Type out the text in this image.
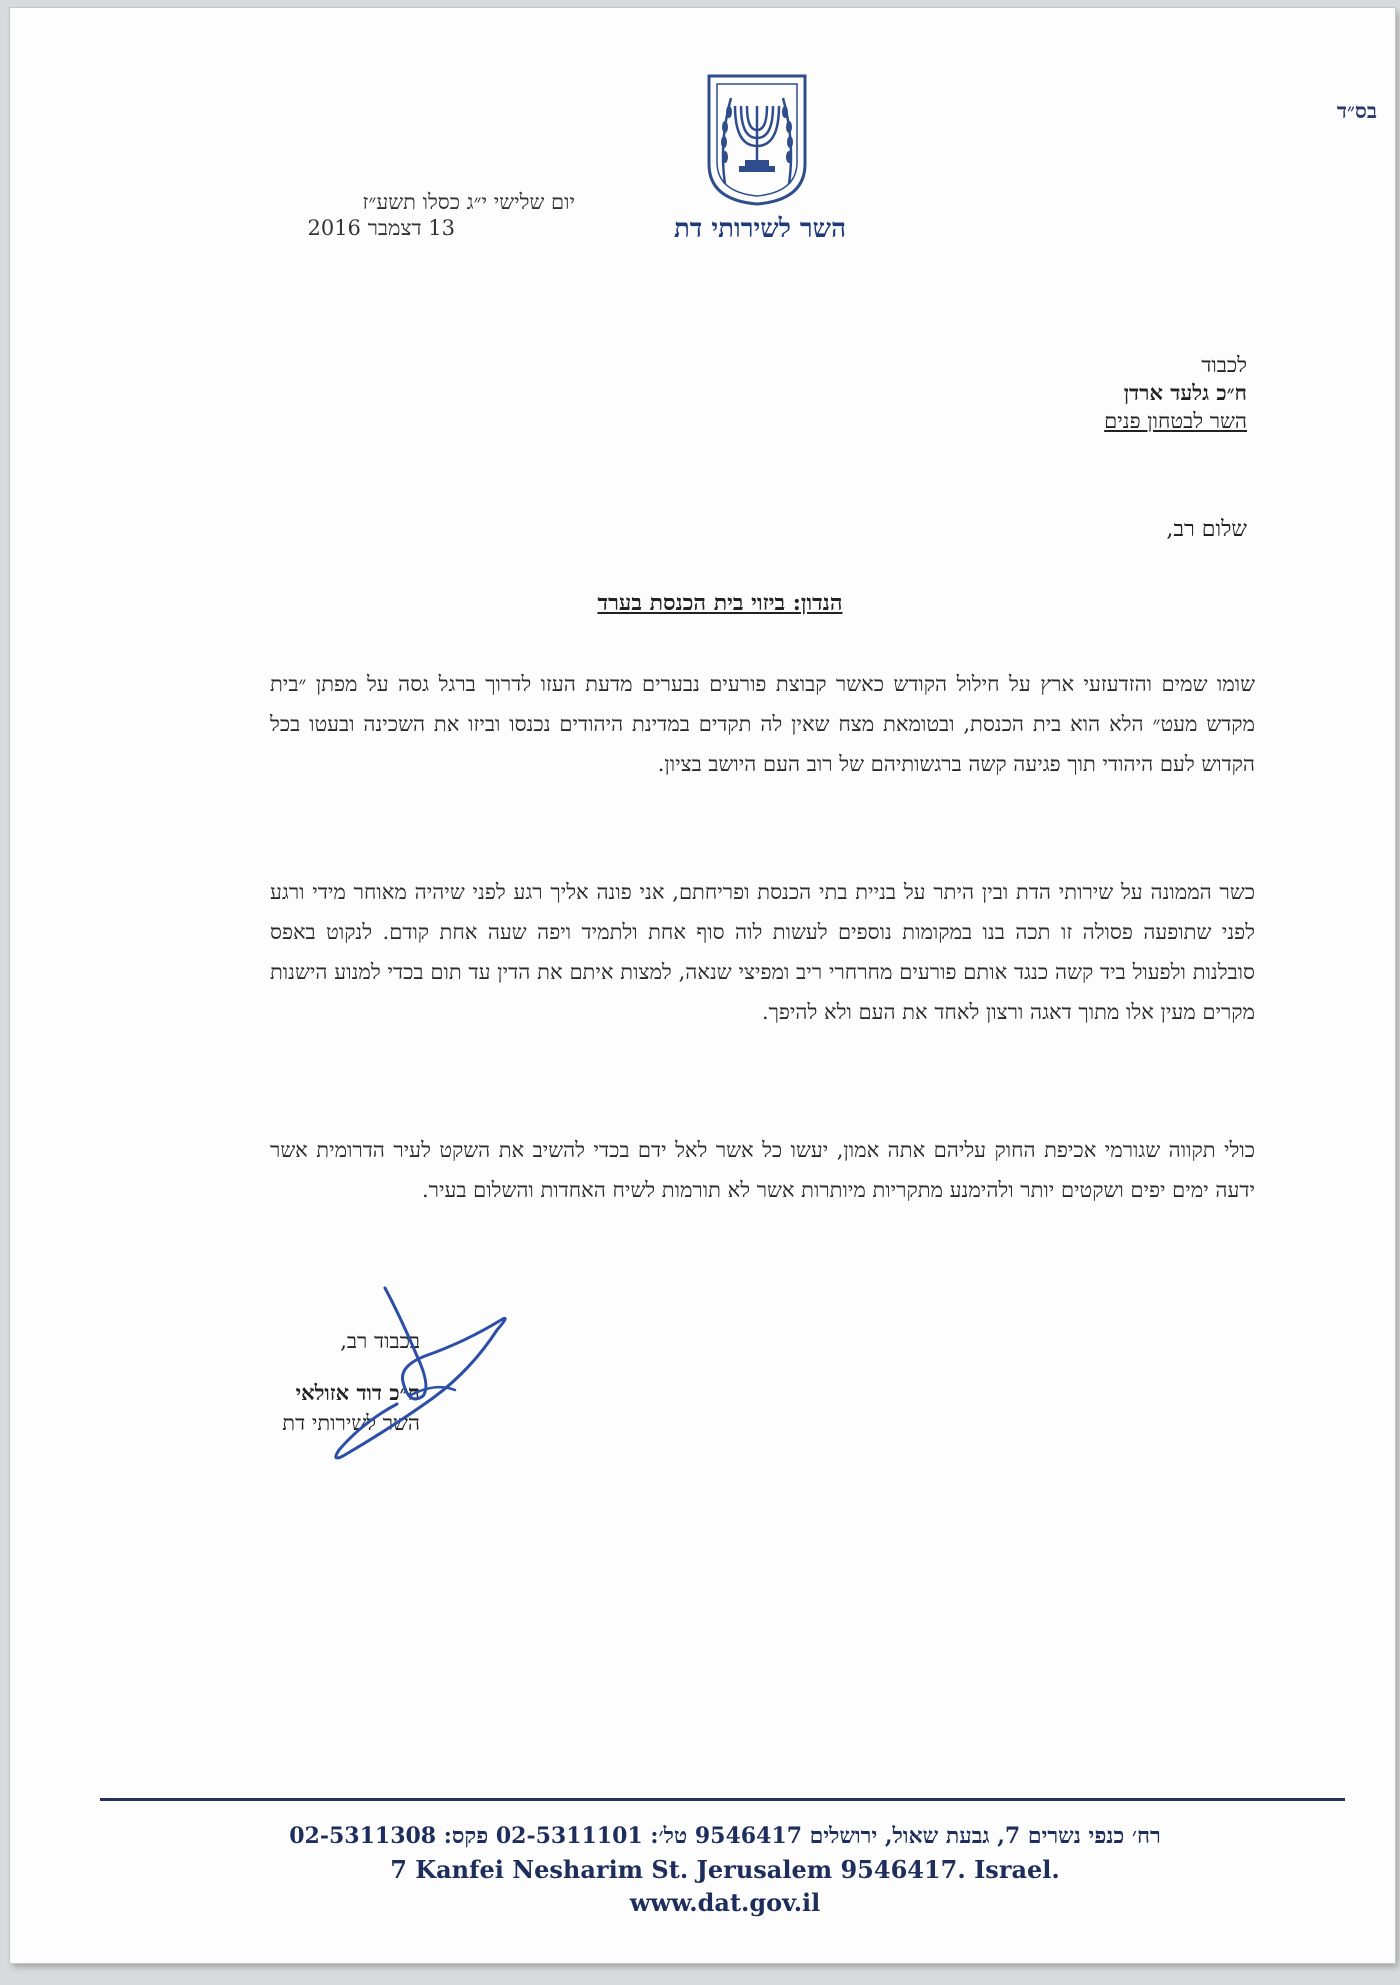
בס״ד
השר לשירותי דת
יום שלישי י״ג כסלו תשע״ז
13 דצמבר 2016
לכבוד
ח״כ גלעד ארדן
השר לבטחון פנים
שלום רב,
הנדון: ביזוי בית הכנסת בערד
שומו שמים והזדעזעי ארץ על חילול הקודש כאשר קבוצת פורעים נבערים מדעת העזו לדרוך ברגל גסה על מפתן ״בית מקדש מעט״ הלא הוא בית הכנסת, ובטומאת מצח שאין לה תקדים במדינת היהודים נכנסו וביזו את השכינה ובעטו בכל הקדוש לעם היהודי תוך פגיעה קשה ברגשותיהם של רוב העם היושב בציון.
כשר הממונה על שירותי הדת ובין היתר על בניית בתי הכנסת ופריחתם, אני פונה אליך רגע לפני שיהיה מאוחר מידי ורגע לפני שתופעה פסולה זו תכה בנו במקומות נוספים לעשות לוה סוף אחת ולתמיד ויפה שעה אחת קודם. לנקוט באפס סובלנות ולפעול ביד קשה כנגד אותם פורעים מחרחרי ריב ומפיצי שנאה, למצות איתם את הדין עד תום בכדי למנוע הישנות מקרים מעין אלו מתוך דאגה ורצון לאחד את העם ולא להיפך.
כולי תקווה שגורמי אכיפת החוק עליהם אתה אמון, יעשו כל אשר לאל ידם בכדי להשיב את השקט לעיר הדרומית אשר ידעה ימים יפים ושקטים יותר ולהימנע מתקריות מיותרות אשר לא תורמות לשיח האחדות והשלום בעיר.
בכבוד רב,
ח״כ דוד אזולאי
השר לשירותי דת
רח׳ כנפי נשרים 7, גבעת שאול, ירושלים 9546417 טל׳: 02-5311101 פקס: 02-5311308
7 Kanfei Nesharim St. Jerusalem 9546417. Israel.
www.dat.gov.il
